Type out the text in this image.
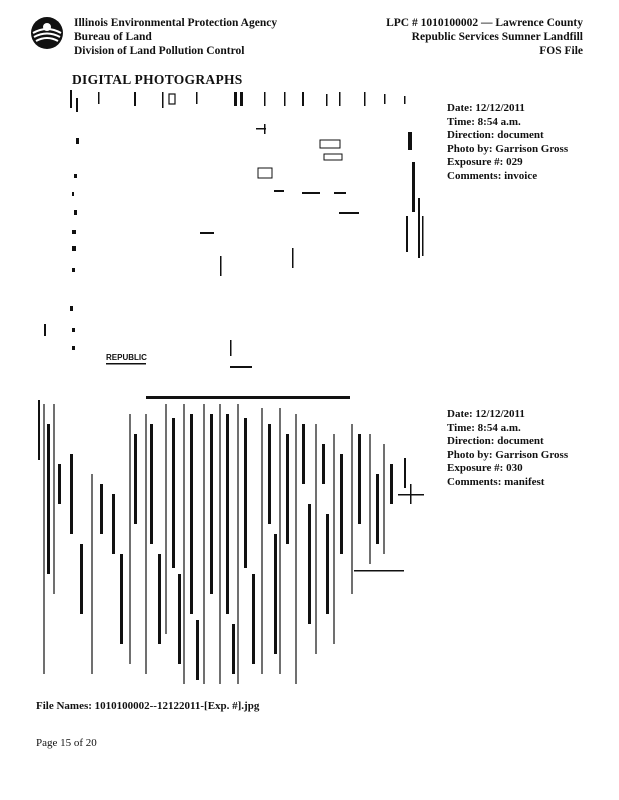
Illinois Environmental Protection Agency
Bureau of Land
Division of Land Pollution Control
LPC # 1010100002 — Lawrence County
Republic Services Sumner Landfill
FOS File
DIGITAL PHOTOGRAPHS
REPUBLIC
Date: 12/12/2011
Time: 8:54 a.m.
Direction: document
Photo by: Garrison Gross
Exposure #: 029
Comments: invoice
Date: 12/12/2011
Time: 8:54 a.m.
Direction: document
Photo by: Garrison Gross
Exposure #: 030
Comments: manifest
File Names: 1010100002--12122011-[Exp. #].jpg
Page 15 of 20
